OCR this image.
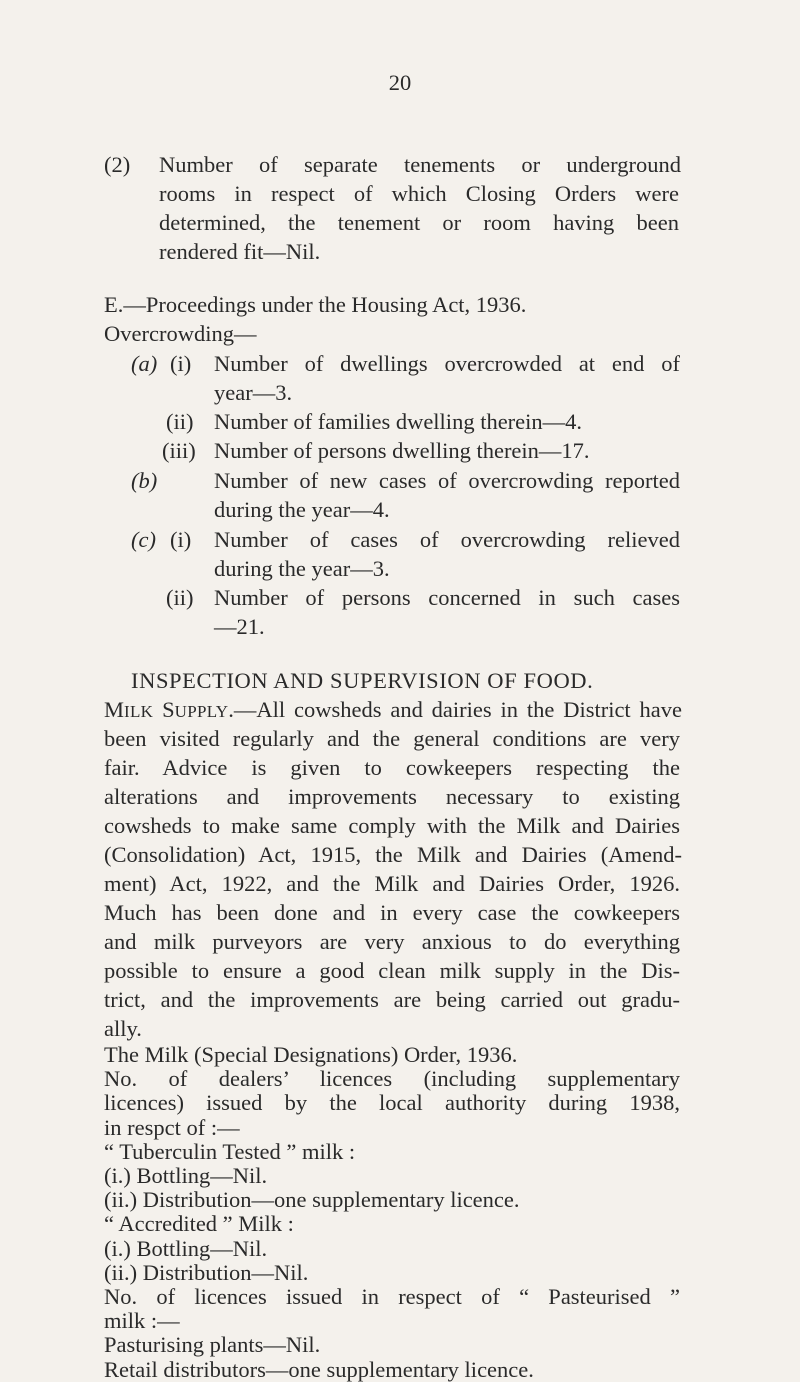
20
(2) Number of separate tenements or underground
rooms in respect of which Closing Orders were
determined, the tenement or room having been
rendered fit—Nil.
E.—Proceedings under the Housing Act, 1936.
Overcrowding—
(a) (i) Number of dwellings overcrowded at end of
year—3.
(ii) Number of families dwelling therein—4.
(iii) Number of persons dwelling therein—17.
(b)	Number of new cases of overcrowding reported
during the year—4.
(c) (i) Number of cases of overcrowding relieved
during the year—3.
(ii) Number of persons concerned in such cases
—21.
INSPECTION AND SUPERVISION OF FOOD.
MILK SUPPLY.—All cowsheds and dairies in the District have
been visited regularly and the general conditions are very
fair. Advice is given to cowkeepers respecting the
alterations and improvements necessary to existing
cowsheds to make same comply with the Milk and Dairies
(Consolidation) Act, 1915, the Milk and Dairies (Amend-
ment) Act, 1922, and the Milk and Dairies Order, 1926.
Much has been done and in every case the cowkeepers
and milk purveyors are very anxious to do everything
possible to ensure a good clean milk supply in the Dis-
trict, and the improvements are being carried out gradu-
ally.
The Milk (Special Designations) Order, 1936.
No. of dealers’ licences (including supplementary
licences) issued by the local authority during 1938,
in respct of :—
“ Tuberculin Tested ” milk :
(i.) Bottling—Nil.
(ii.) Distribution—one supplementary licence.
“ Accredited ” Milk :
(i.) Bottling—Nil.
(ii.) Distribution—Nil.
No. of licences issued in respect of “ Pasteurised ”
milk :—
Pasturising plants—Nil.
Retail distributors—one supplementary licence.
